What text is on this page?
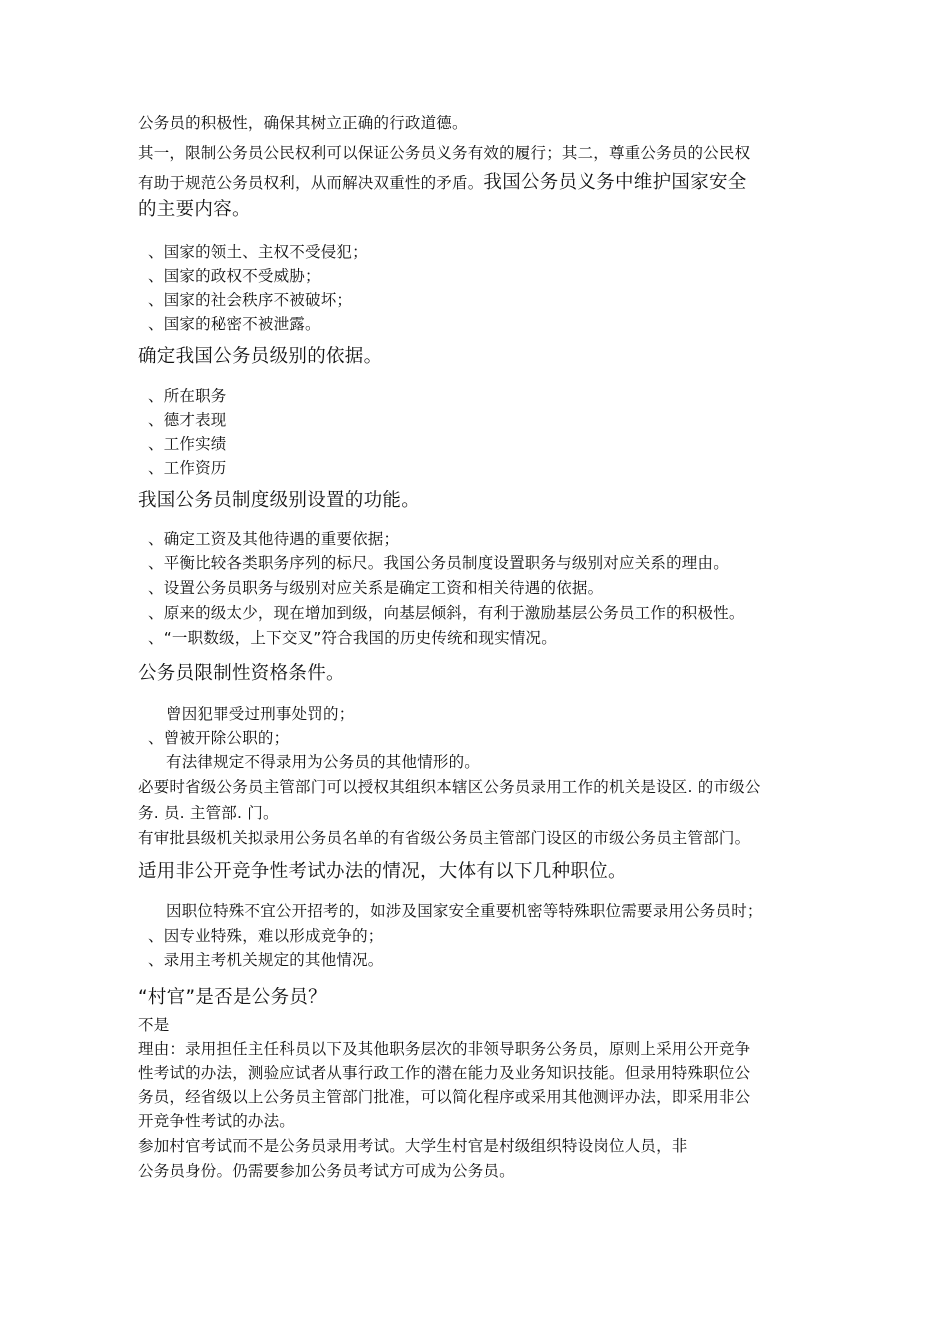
公务员的积极性，确保其树立正确的行政道德。
其一，限制公务员公民权利可以保证公务员义务有效的履行；其二，尊重公务员的公民权
有助于规范公务员权利，从而解决双重性的矛盾。我国公务员义务中维护国家安全
的主要内容。
、国家的领土、主权不受侵犯；
、国家的政权不受威胁；
、国家的社会秩序不被破坏；
、国家的秘密不被泄露。
确定我国公务员级别的依据。
、所在职务
、德才表现
、工作实绩
、工作资历
我国公务员制度级别设置的功能。
、确定工资及其他待遇的重要依据；
、平衡比较各类职务序列的标尺。我国公务员制度设置职务与级别对应关系的理由。
、设置公务员职务与级别对应关系是确定工资和相关待遇的依据。
、原来的级太少，现在增加到级，向基层倾斜，有利于激励基层公务员工作的积极性。
、“一职数级，上下交叉”符合我国的历史传统和现实情况。
公务员限制性资格条件。
曾因犯罪受过刑事处罚的；
、曾被开除公职的；
有法律规定不得录用为公务员的其他情形的。
必要时省级公务员主管部门可以授权其组织本辖区公务员录用工作的机关是设区. 的市级公
务. 员. 主管部. 门。
有审批县级机关拟录用公务员名单的有省级公务员主管部门设区的市级公务员主管部门。
适用非公开竞争性考试办法的情况，大体有以下几种职位。
因职位特殊不宜公开招考的，如涉及国家安全重要机密等特殊职位需要录用公务员时；
、因专业特殊，难以形成竞争的；
、录用主考机关规定的其他情况。
“村官”是否是公务员？
不是
理由：录用担任主任科员以下及其他职务层次的非领导职务公务员，原则上采用公开竞争
性考试的办法，测验应试者从事行政工作的潜在能力及业务知识技能。但录用特殊职位公
务员，经省级以上公务员主管部门批准，可以简化程序或采用其他测评办法，即采用非公
开竞争性考试的办法。
参加村官考试而不是公务员录用考试。大学生村官是村级组织特设岗位人员，非
公务员身份。仍需要参加公务员考试方可成为公务员。
